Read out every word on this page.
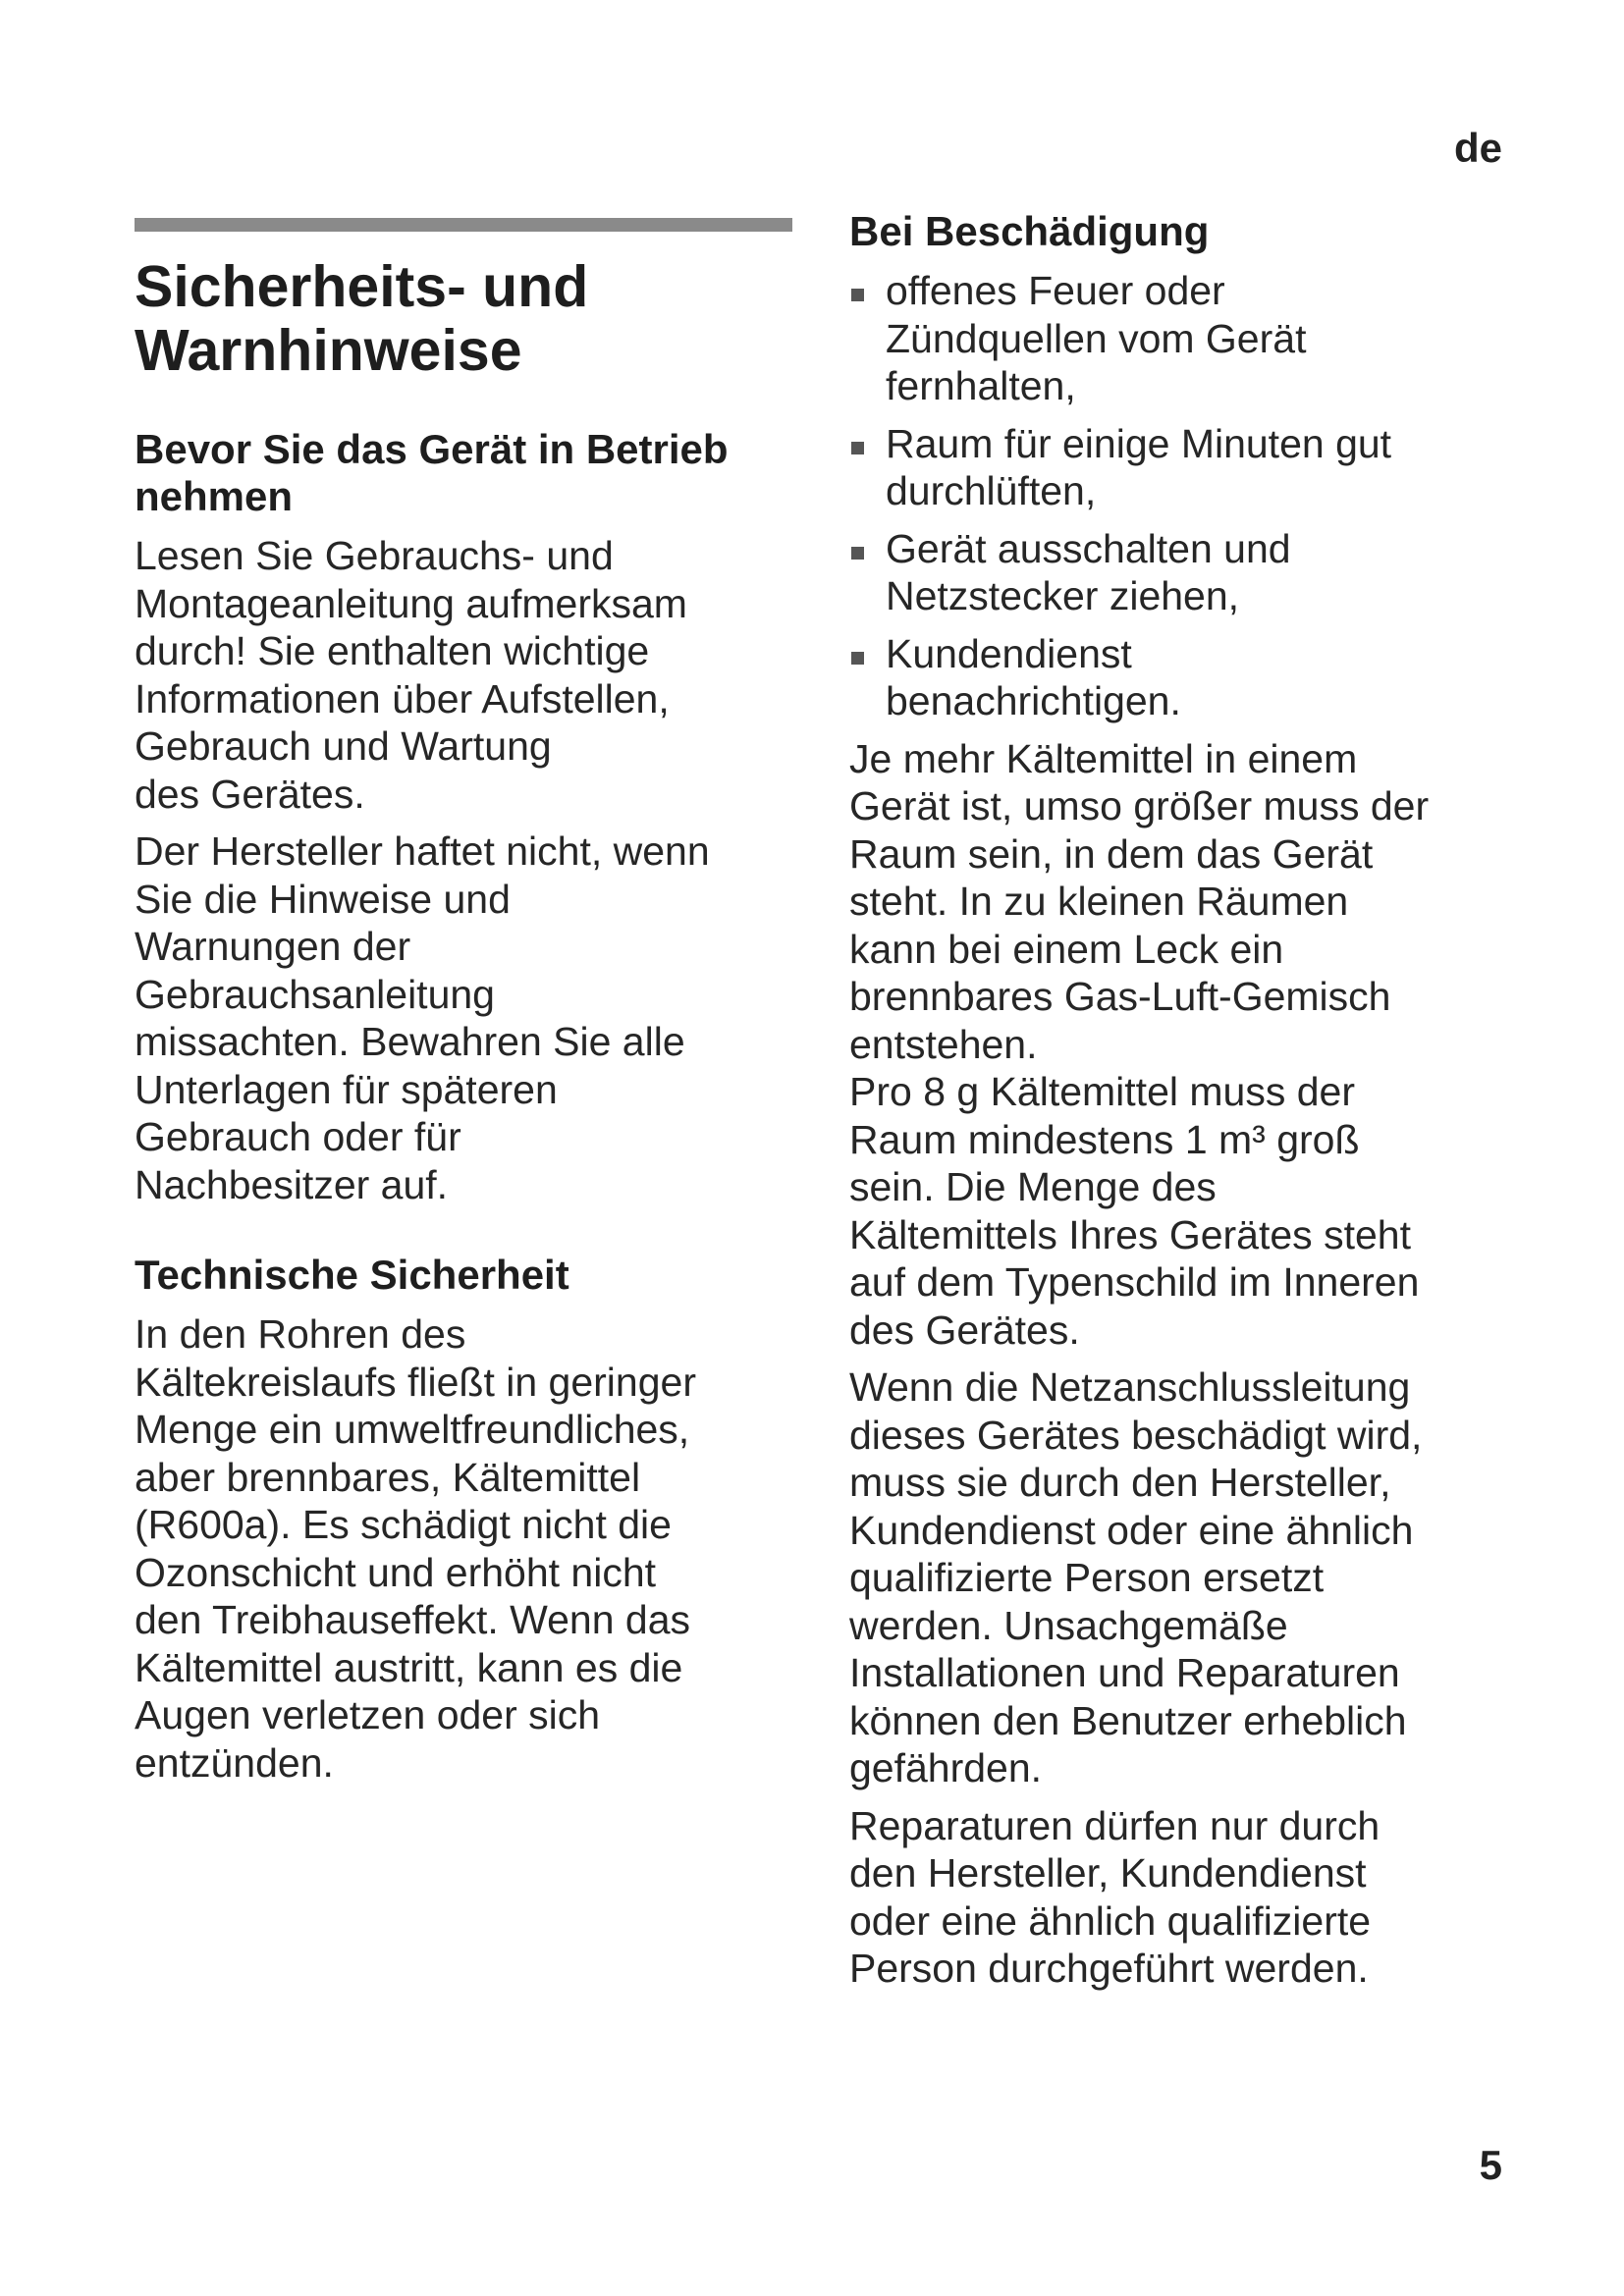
de
Sicherheits- und
Warnhinweise
Bevor Sie das Gerät in Betrieb
nehmen

Lesen Sie Gebrauchs- und
Montageanleitung aufmerksam
durch! Sie enthalten wichtige
Informationen über Aufstellen,
Gebrauch und Wartung
des Gerätes.

Der Hersteller haftet nicht, wenn
Sie die Hinweise und
Warnungen der
Gebrauchsanleitung
missachten. Bewahren Sie alle
Unterlagen für späteren
Gebrauch oder für
Nachbesitzer auf.

Technische Sicherheit

In den Rohren des
Kältekreislaufs fließt in geringer
Menge ein umweltfreundliches,
aber brennbares, Kältemittel
(R600a). Es schädigt nicht die
Ozonschicht und erhöht nicht
den Treibhauseffekt. Wenn das
Kältemittel austritt, kann es die
Augen verletzen oder sich
entzünden.

Bei Beschädigung
offenes Feuer oder
Zündquellen vom Gerät
fernhalten,
Raum für einige Minuten gut
durchlüften,
Gerät ausschalten und
Netzstecker ziehen,
Kundendienst
benachrichtigen.

Je mehr Kältemittel in einem
Gerät ist, umso größer muss der
Raum sein, in dem das Gerät
steht. In zu kleinen Räumen
kann bei einem Leck ein
brennbares Gas-Luft-Gemisch
entstehen.
Pro 8 g Kältemittel muss der
Raum mindestens 1 m³ groß
sein. Die Menge des
Kältemittels Ihres Gerätes steht
auf dem Typenschild im Inneren
des Gerätes.

Wenn die Netzanschlussleitung
dieses Gerätes beschädigt wird,
muss sie durch den Hersteller,
Kundendienst oder eine ähnlich
qualifizierte Person ersetzt
werden. Unsachgemäße
Installationen und Reparaturen
können den Benutzer erheblich
gefährden.

Reparaturen dürfen nur durch
den Hersteller, Kundendienst
oder eine ähnlich qualifizierte
Person durchgeführt werden.

5
